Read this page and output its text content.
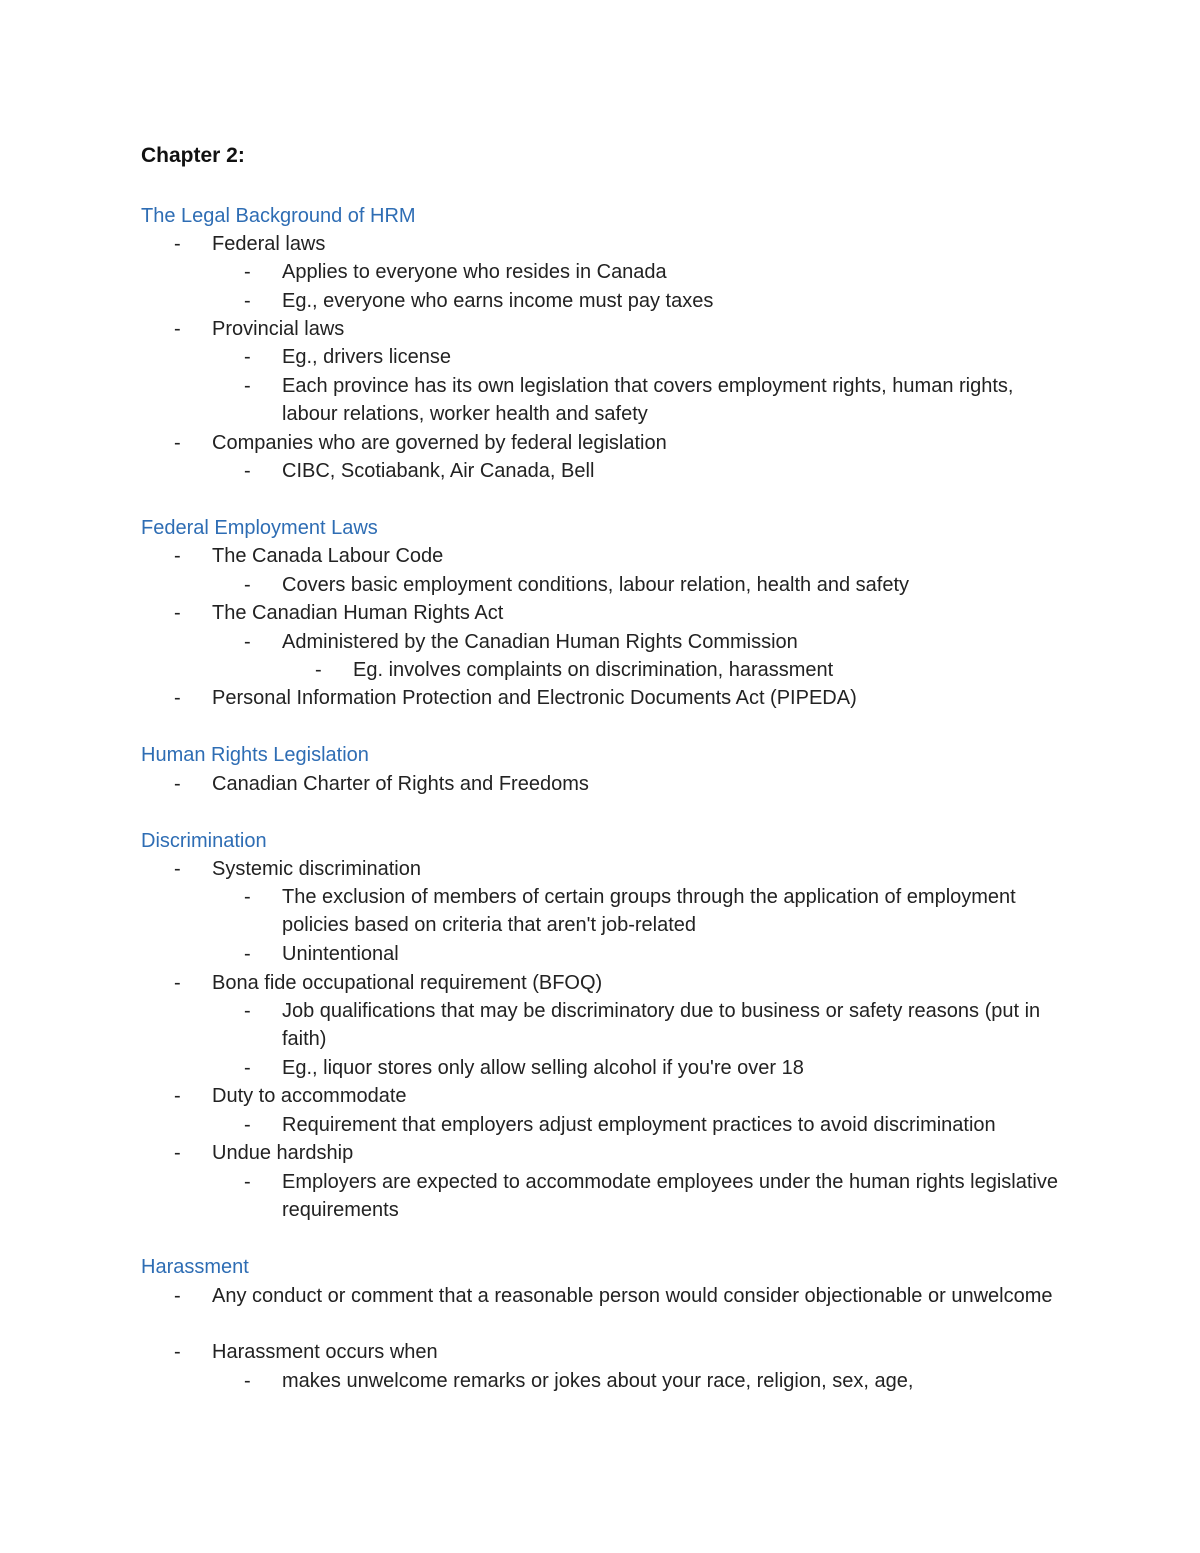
Chapter 2:
The Legal Background of HRM
-	Federal laws
-	Applies to everyone who resides in Canada
-	Eg., everyone who earns income must pay taxes
-	Provincial laws
-	Eg., drivers license
-	Each province has its own legislation that covers employment rights, human rights, labour relations, worker health and safety
-	Companies who are governed by federal legislation
-	CIBC, Scotiabank, Air Canada, Bell
Federal Employment Laws
-	The Canada Labour Code
-	Covers basic employment conditions, labour relation, health and safety
-	The Canadian Human Rights Act
-	Administered by the Canadian Human Rights Commission
-	Eg. involves complaints on discrimination, harassment
-	Personal Information Protection and Electronic Documents Act (PIPEDA)
Human Rights Legislation
-	Canadian Charter of Rights and Freedoms
Discrimination
-	Systemic discrimination
-	The exclusion of members of certain groups through the application of employment policies based on criteria that aren't job-related
-	Unintentional
-	Bona fide occupational requirement (BFOQ)
-	Job qualifications that may be discriminatory due to business or safety reasons (put in faith)
-	Eg., liquor stores only allow selling alcohol if you're over 18
-	Duty to accommodate
-	Requirement that employers adjust employment practices to avoid discrimination
-	Undue hardship
-	Employers are expected to accommodate employees under the human rights legislative requirements
Harassment
-	Any conduct or comment that a reasonable person would consider objectionable or unwelcome
-	Harassment occurs when
-	makes unwelcome remarks or jokes about your race, religion, sex, age,
